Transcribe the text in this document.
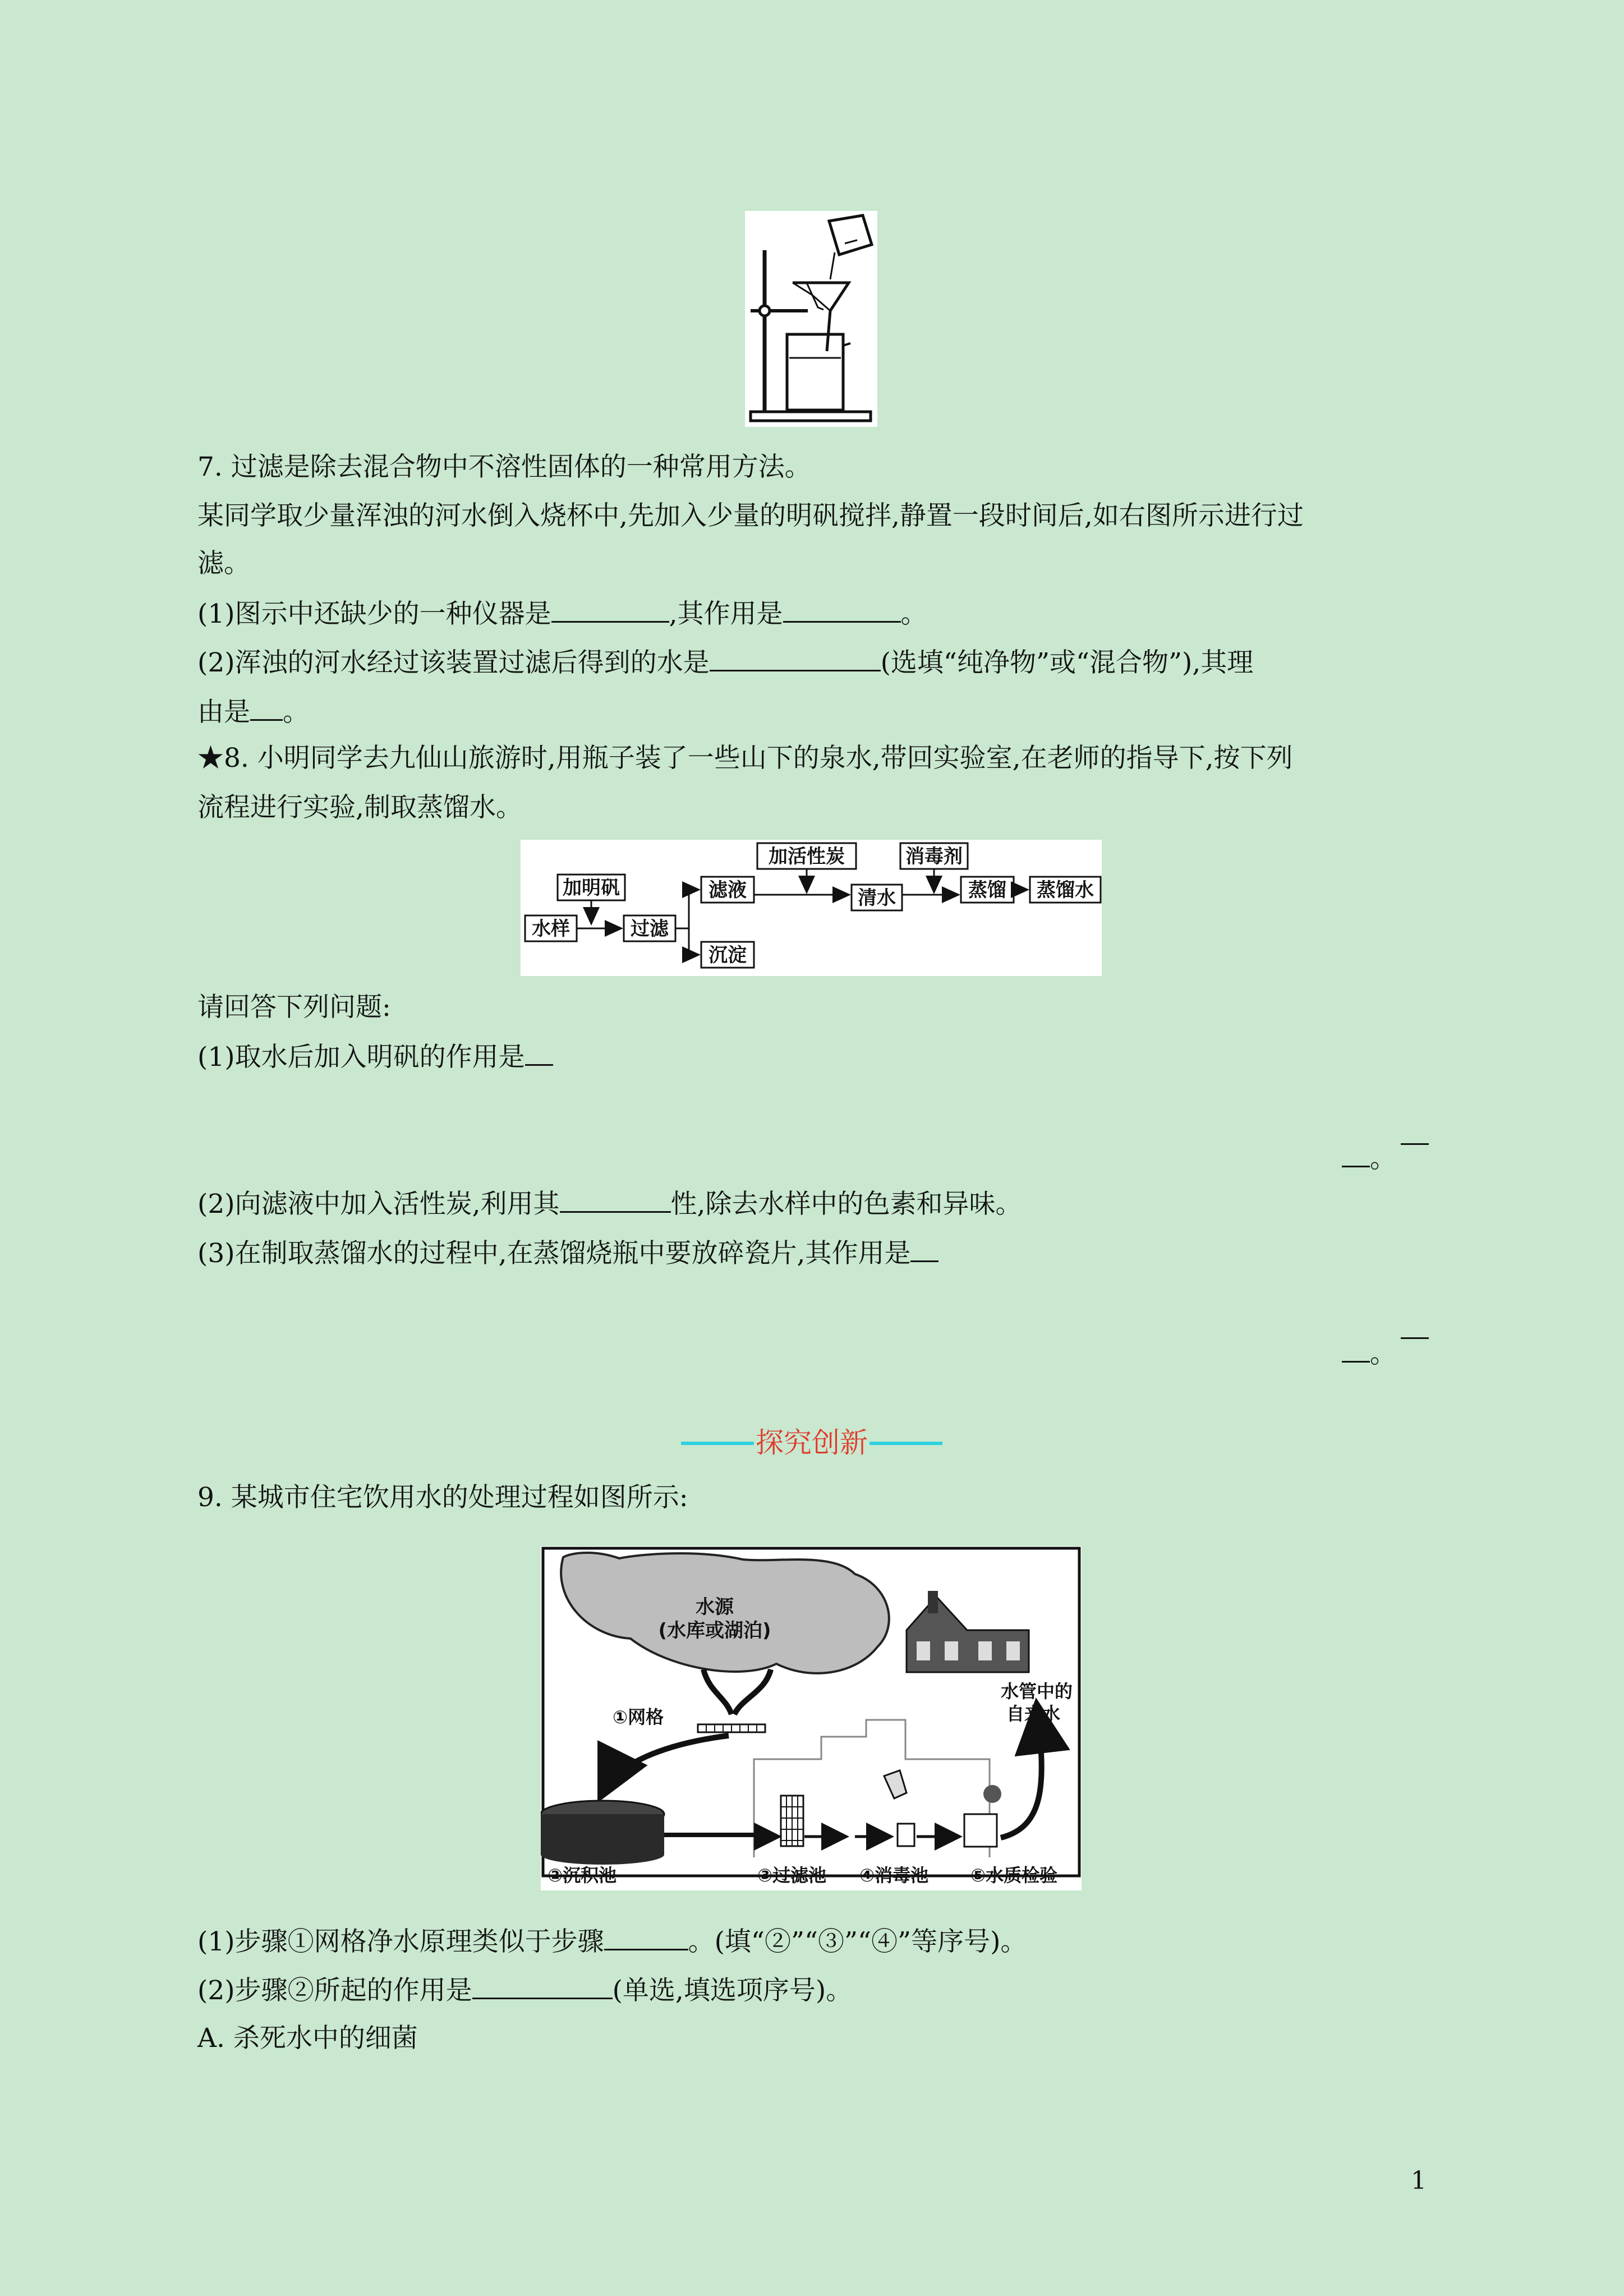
7. 过滤是除去混合物中不溶性固体的一种常用方法。
某同学取少量浑浊的河水倒入烧杯中,先加入少量的明矾搅拌,静置一段时间后,如右图所示进行过
滤。
(1)图示中还缺少的一种仪器是	,其作用是	。
(2)浑浊的河水经过该装置过滤后得到的水是	(选填“纯净物”或“混合物”),其理
由是 。
★8. 小明同学去九仙山旅游时,用瓶子装了一些山下的泉水,带回实验室,在老师的指导下,按下列
流程进行实验,制取蒸馏水。
加明矾
水样	过滤
滤液
沉淀
加活性炭
清水
消毒剂
蒸馏 蒸馏水
请回答下列问题:
(1)取水后加入明矾的作用是
。
(2)向滤液中加入活性炭,利用其	性,除去水样中的色素和异味。
(3)在制取蒸馏水的过程中,在蒸馏烧瓶中要放碎瓷片,其作用是
。
探究创新
9. 某城市住宅饮用水的处理过程如图所示:
水源
(水库或湖泊)
①网格
水管中的
自来水
②沉积池	③过滤池 ④消毒池 ⑤水质检验
(1)步骤①网格净水原理类似于步骤	。(填“②”“③”“④”等序号)。
(2)步骤②所起的作用是	(单选,填选项序号)。
A. 杀死水中的细菌
1
